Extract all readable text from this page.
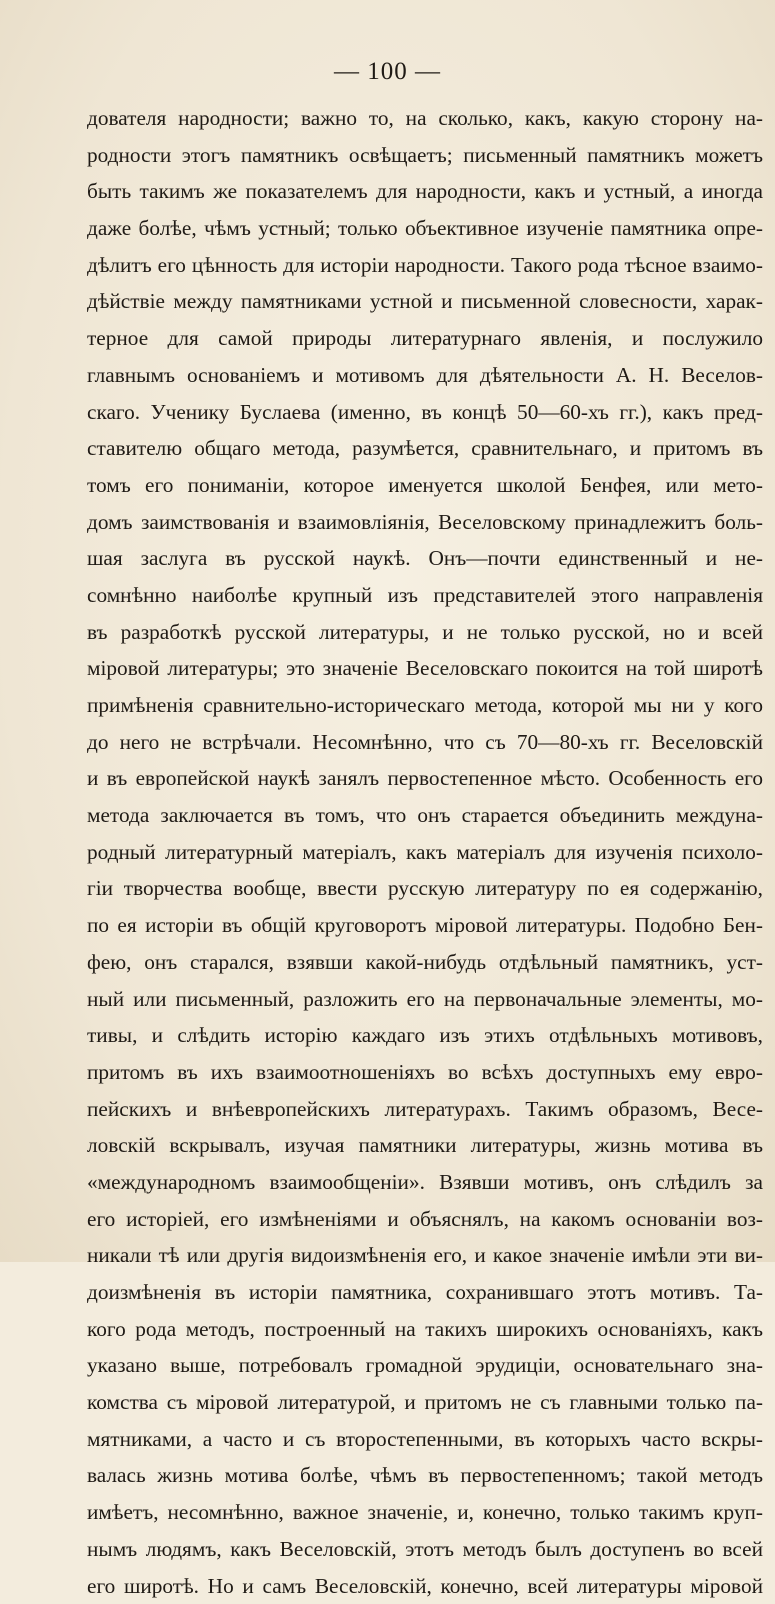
— 100 —
дователя народности; важно то, на сколько, какъ, какую сторону на-
родности этогъ памятникъ освѣщаетъ; письменный памятникъ можетъ
быть такимъ же показателемъ для народности, какъ и устный, а иногда
даже болѣе, чѣмъ устный; только объективное изученіе памятника опре-
дѣлитъ его цѣнность для исторіи народности. Такого рода тѣсное взаимо-
дѣйствіе между памятниками устной и письменной словесности, харак-
терное для самой природы литературнаго явленія, и послужило
главнымъ основаніемъ и мотивомъ для дѣятельности А. Н. Веселов-
скаго. Ученику Буслаева (именно, въ концѣ 50—60-хъ гг.), какъ пред-
ставителю общаго метода, разумѣется, сравнительнаго, и притомъ въ
томъ его пониманіи, которое именуется школой Бенфея, или мето-
домъ заимствованія и взаимовліянія, Веселовскому принадлежитъ боль-
шая заслуга въ русской наукѣ. Онъ—почти единственный и не-
сомнѣнно наиболѣе крупный изъ представителей этого направленія
въ разработкѣ русской литературы, и не только русской, но и всей
міровой литературы; это значеніе Веселовскаго покоится на той широтѣ
примѣненія сравнительно-историческаго метода, которой мы ни у кого
до него не встрѣчали. Несомнѣнно, что съ 70—80-хъ гг. Веселовскій
и въ европейской наукѣ занялъ первостепенное мѣсто. Особенность его
метода заключается въ томъ, что онъ старается объединить междуна-
родный литературный матеріалъ, какъ матеріалъ для изученія психоло-
гіи творчества вообще, ввести русскую литературу по ея содержанію,
по ея исторіи въ общій круговоротъ міровой литературы. Подобно Бен-
фею, онъ старался, взявши какой-нибудь отдѣльный памятникъ, уст-
ный или письменный, разложить его на первоначальные элементы, мо-
тивы, и слѣдить исторію каждаго изъ этихъ отдѣльныхъ мотивовъ,
притомъ въ ихъ взаимоотношеніяхъ во всѣхъ доступныхъ ему евро-
пейскихъ и внѣевропейскихъ литературахъ. Такимъ образомъ, Весе-
ловскій вскрывалъ, изучая памятники литературы, жизнь мотива въ
«международномъ взаимообщеніи». Взявши мотивъ, онъ слѣдилъ за
его исторіей, его измѣненіями и объяснялъ, на какомъ основаніи воз-
никали тѣ или другія видоизмѣненія его, и какое значеніе имѣли эти ви-
доизмѣненія въ исторіи памятника, сохранившаго этотъ мотивъ. Та-
кого рода методъ, построенный на такихъ широкихъ основаніяхъ, какъ
указано выше, потребовалъ громадной эрудиціи, основательнаго зна-
комства съ міровой литературой, и притомъ не съ главными только па-
мятниками, а часто и съ второстепенными, въ которыхъ часто вскры-
валась жизнь мотива болѣе, чѣмъ въ первостепенномъ; такой методъ
имѣетъ, несомнѣнно, важное значеніе, и, конечно, только такимъ круп-
нымъ людямъ, какъ Веселовскій, этотъ методъ былъ доступенъ во всей
его широтѣ. Но и самъ Веселовскій, конечно, всей литературы міровой
